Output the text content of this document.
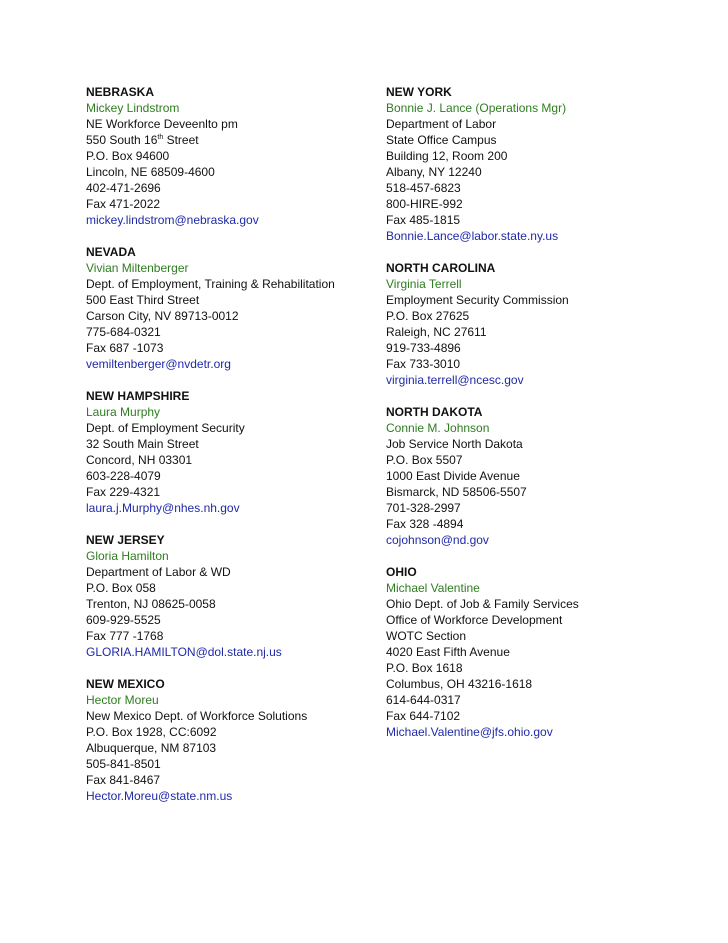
NEBRASKA
Mickey Lindstrom
NE Workforce Deveenlto pm
550 South 16th Street
P.O. Box 94600
Lincoln, NE 68509-4600
402-471-2696
Fax 471-2022
mickey.lindstrom@nebraska.gov
NEVADA
Vivian Miltenberger
Dept. of Employment, Training & Rehabilitation
500 East Third Street
Carson City, NV 89713-0012
775-684-0321
Fax 687 -1073
vemiltenberger@nvdetr.org
NEW HAMPSHIRE
Laura Murphy
Dept. of Employment Security
32 South Main Street
Concord, NH 03301
603-228-4079
Fax 229-4321
laura.j.Murphy@nhes.nh.gov
NEW JERSEY
Gloria Hamilton
Department of Labor & WD
P.O. Box 058
Trenton, NJ 08625-0058
609-929-5525
Fax 777 -1768
GLORIA.HAMILTON@dol.state.nj.us
NEW MEXICO
Hector Moreu
New Mexico Dept. of Workforce Solutions
P.O. Box 1928, CC:6092
Albuquerque, NM 87103
505-841-8501
Fax 841-8467
Hector.Moreu@state.nm.us
NEW YORK
Bonnie J. Lance (Operations Mgr)
Department of Labor
State Office Campus
Building 12, Room 200
Albany, NY 12240
518-457-6823
800-HIRE-992
Fax 485-1815
Bonnie.Lance@labor.state.ny.us
NORTH CAROLINA
Virginia Terrell
Employment Security Commission
P.O. Box 27625
Raleigh, NC 27611
919-733-4896
Fax 733-3010
virginia.terrell@ncesc.gov
NORTH DAKOTA
Connie M. Johnson
Job Service North Dakota
P.O. Box 5507
1000 East Divide Avenue
Bismarck, ND 58506-5507
701-328-2997
Fax 328 -4894
cojohnson@nd.gov
OHIO
Michael Valentine
Ohio Dept. of Job & Family Services
Office of Workforce Development
WOTC Section
4020 East Fifth Avenue
P.O. Box 1618
Columbus, OH 43216-1618
614-644-0317
Fax 644-7102
Michael.Valentine@jfs.ohio.gov
